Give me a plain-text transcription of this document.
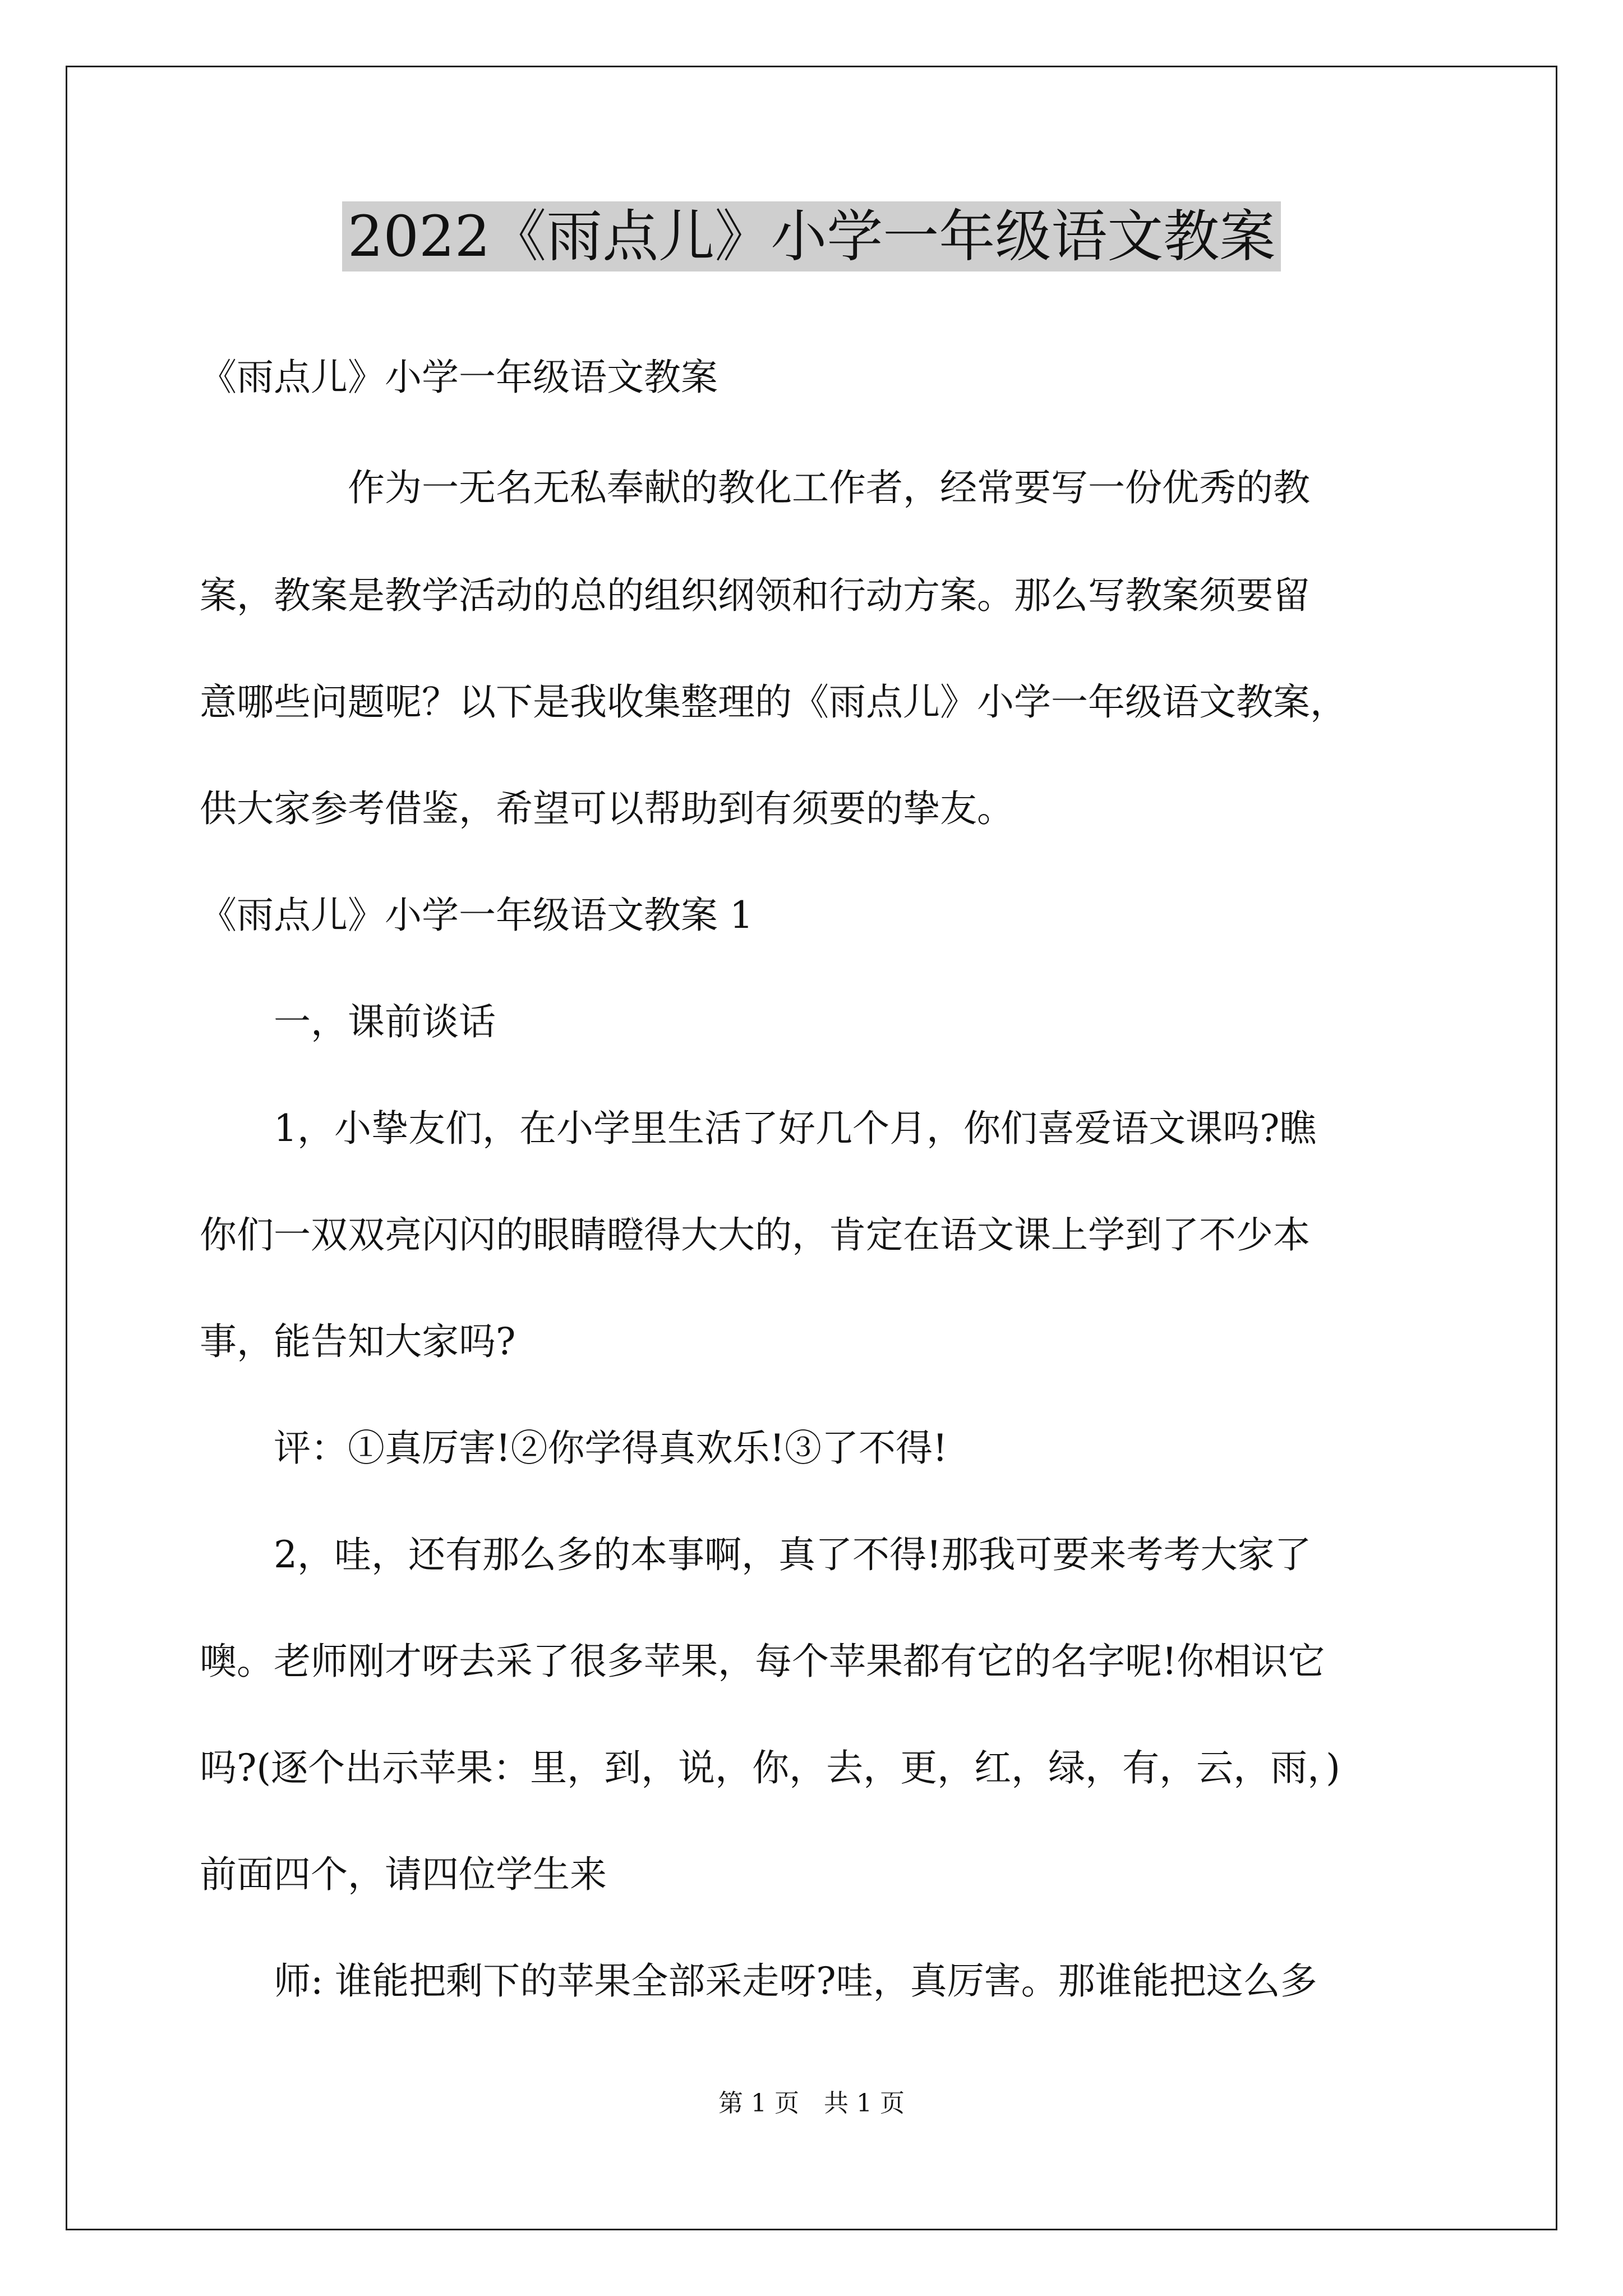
2022《雨点儿》小学一年级语文教案
《雨点儿》小学一年级语文教案
　　　　作为一无名无私奉献的教化工作者，经常要写一份优秀的教
案，教案是教学活动的总的组织纲领和行动方案。那么写教案须要留
意哪些问题呢？以下是我收集整理的《雨点儿》小学一年级语文教案，
供大家参考借鉴，希望可以帮助到有须要的挚友。
《雨点儿》小学一年级语文教案 1
　　一，课前谈话
　　1，小挚友们，在小学里生活了好几个月，你们喜爱语文课吗?瞧
你们一双双亮闪闪的眼睛瞪得大大的，肯定在语文课上学到了不少本
事，能告知大家吗?
　　评：①真厉害!②你学得真欢乐!③了不得!
　　2，哇，还有那么多的本事啊，真了不得!那我可要来考考大家了
噢。老师刚才呀去采了很多苹果，每个苹果都有它的名字呢!你相识它
吗?(逐个出示苹果：里，到，说，你，去，更，红，绿，有，云，雨，)
前面四个，请四位学生来
　　师: 谁能把剩下的苹果全部采走呀?哇，真厉害。那谁能把这么多
第 1 页　共 1 页
